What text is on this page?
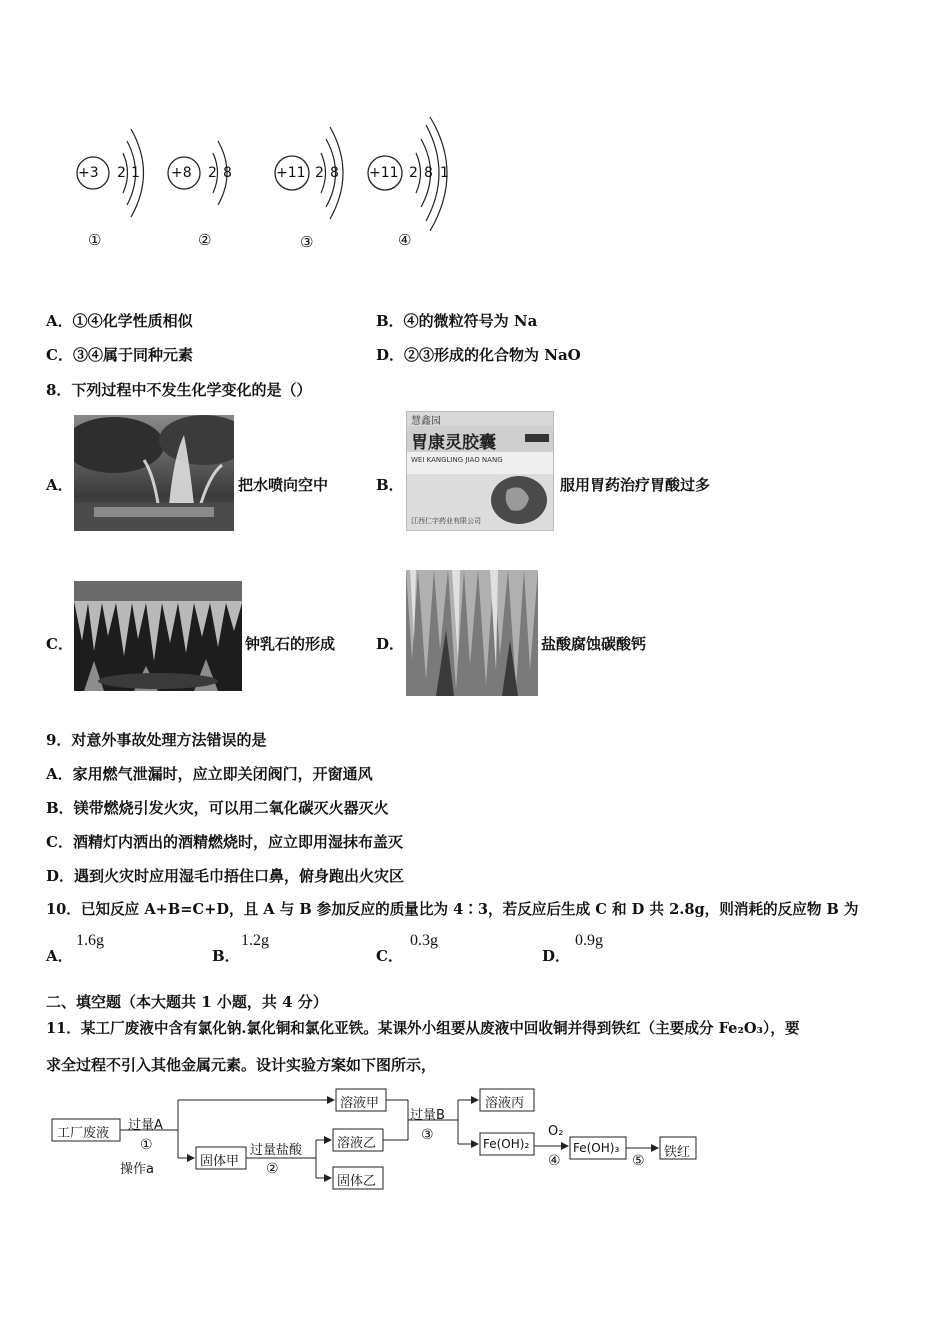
+3 2 1
①
+8 2 8
②
+11 2 8
③
+11 2 8 1
④
A．①④化学性质相似	B．④的微粒符号为 Na
C．③④属于同种元素	D．②③形成的化合物为 NaO
8．下列过程中不发生化学变化的是（）
A．	把水喷向空中	B．
慧鑫园
胃康灵胶囊
WEI KANGLING JIAO NANG
江西仁宇药业有限公司
服用胃药治疗胃酸过多
C．	钟乳石的形成	D．	盐酸腐蚀碳酸钙
9．对意外事故处理方法错误的是
A．家用燃气泄漏时，应立即关闭阀门，开窗通风
B．镁带燃烧引发火灾，可以用二氧化碳灭火器灭火
C．酒精灯内洒出的酒精燃烧时，应立即用湿抹布盖灭
D．遇到火灾时应用湿毛巾捂住口鼻，俯身跑出火灾区
10．已知反应 A+B=C+D，且 A 与 B 参加反应的质量比为 4∶3，若反应后生成 C 和 D 共 2.8g，则消耗的反应物 B 为
A．
1.6g
B．
1.2g
C．
0.3g
D．
0.9g
二、填空题（本大题共 1 小题，共 4 分）
11．某工厂废液中含有氯化钠.氯化铜和氯化亚铁。某课外小组要从废液中回收铜并得到铁红（主要成分 Fe₂O₃），要
求全过程不引入其他金属元素。设计实验方案如下图所示，
工厂废液
过量A
①
操作a
溶液甲
固体甲
过量盐酸
②
溶液乙
固体乙
过量B
③
溶液丙
Fe(OH)₂
O₂
④
Fe(OH)₃
⑤
铁红
